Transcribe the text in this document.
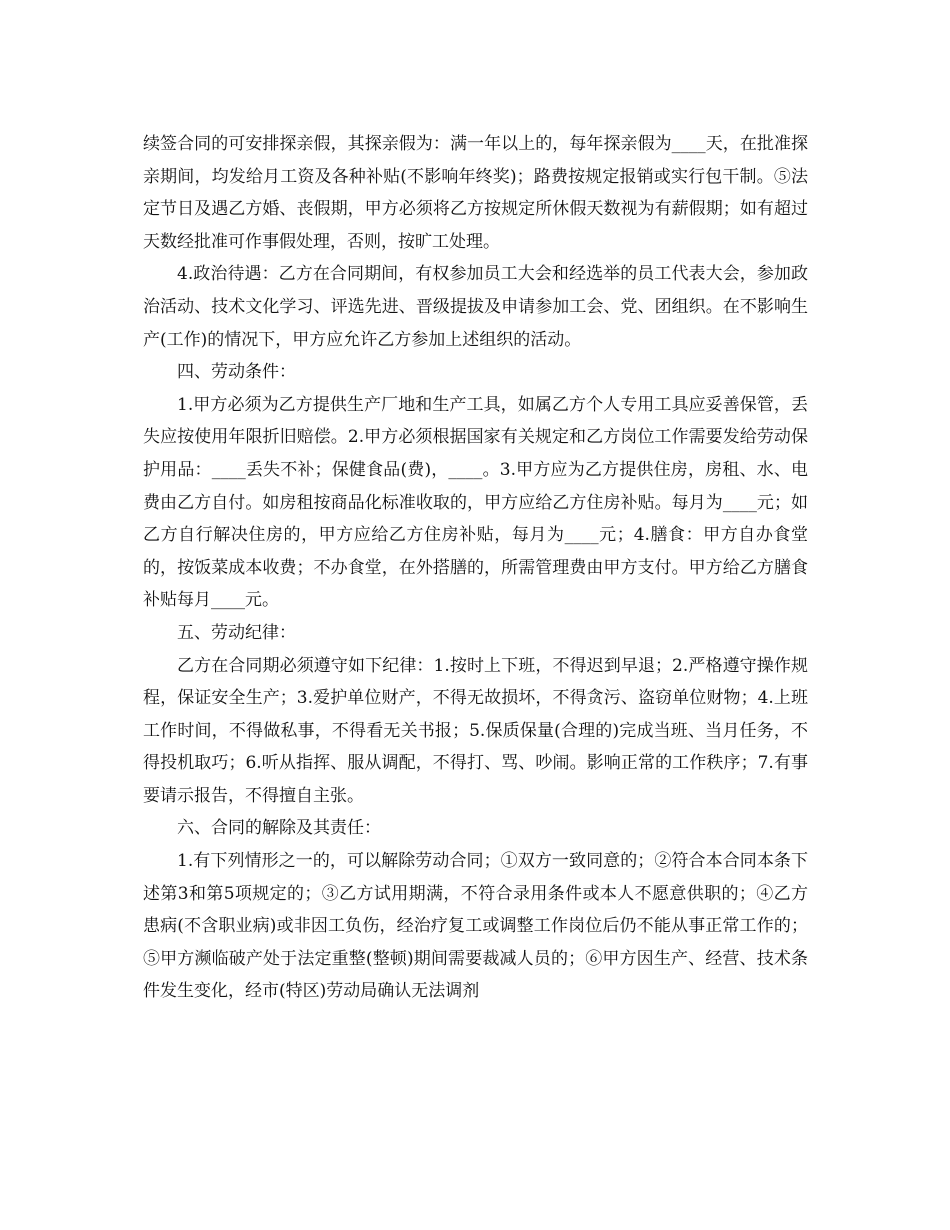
续签合同的可安排探亲假，其探亲假为：满一年以上的，每年探亲假为____天，在批准探亲期间，均发给月工资及各种补贴(不影响年终奖)；路费按规定报销或实行包干制。⑤法定节日及遇乙方婚、丧假期，甲方必须将乙方按规定所休假天数视为有薪假期；如有超过天数经批准可作事假处理，否则，按旷工处理。

4.政治待遇：乙方在合同期间，有权参加员工大会和经选举的员工代表大会，参加政治活动、技术文化学习、评选先进、晋级提拔及申请参加工会、党、团组织。在不影响生产(工作)的情况下，甲方应允许乙方参加上述组织的活动。

四、劳动条件：

1.甲方必须为乙方提供生产厂地和生产工具，如属乙方个人专用工具应妥善保管，丢失应按使用年限折旧赔偿。2.甲方必须根据国家有关规定和乙方岗位工作需要发给劳动保护用品：____丢失不补；保健食品(费)，____。3.甲方应为乙方提供住房，房租、水、电费由乙方自付。如房租按商品化标准收取的，甲方应给乙方住房补贴。每月为____元；如乙方自行解决住房的，甲方应给乙方住房补贴，每月为____元；4.膳食：甲方自办食堂的，按饭菜成本收费；不办食堂，在外搭膳的，所需管理费由甲方支付。甲方给乙方膳食补贴每月____元。

五、劳动纪律：

乙方在合同期必须遵守如下纪律：1.按时上下班，不得迟到早退；2.严格遵守操作规程，保证安全生产；3.爱护单位财产，不得无故损坏，不得贪污、盗窃单位财物；4.上班工作时间，不得做私事，不得看无关书报；5.保质保量(合理的)完成当班、当月任务，不得投机取巧；6.听从指挥、服从调配，不得打、骂、吵闹。影响正常的工作秩序；7.有事要请示报告，不得擅自主张。

六、合同的解除及其责任：

1.有下列情形之一的，可以解除劳动合同；①双方一致同意的；②符合本合同本条下述第3和第5项规定的；③乙方试用期满，不符合录用条件或本人不愿意供职的；④乙方患病(不含职业病)或非因工负伤，经治疗复工或调整工作岗位后仍不能从事正常工作的；⑤甲方濒临破产处于法定重整(整顿)期间需要裁减人员的；⑥甲方因生产、经营、技术条件发生变化，经市(特区)劳动局确认无法调剂
